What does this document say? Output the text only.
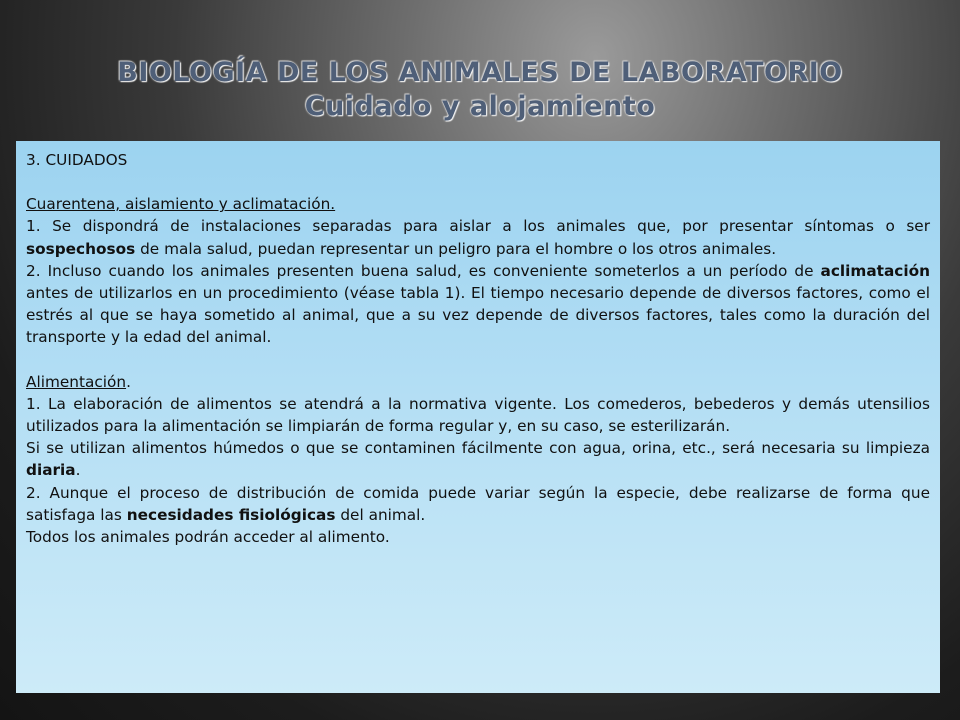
BIOLOGÍA DE LOS ANIMALES DE LABORATORIO
Cuidado y alojamiento

3. CUIDADOS

Cuarentena, aislamiento y aclimatación.

1. Se dispondrá de instalaciones separadas para aislar a los animales que, por presentar síntomas o ser sospechosos de mala salud, puedan representar un peligro para el hombre o los otros animales.

2. Incluso cuando los animales presenten buena salud, es conveniente someterlos a un período de aclimatación antes de utilizarlos en un procedimiento (véase tabla 1). El tiempo necesario depende de diversos factores, como el estrés al que se haya sometido al animal, que a su vez depende de diversos factores, tales como la duración del transporte y la edad del animal.

Alimentación.

1. La elaboración de alimentos se atendrá a la normativa vigente. Los comederos, bebederos y demás utensilios utilizados para la alimentación se limpiarán de forma regular y, en su caso, se esterilizarán.

Si se utilizan alimentos húmedos o que se contaminen fácilmente con agua, orina, etc., será necesaria su limpieza diaria.

2. Aunque el proceso de distribución de comida puede variar según la especie, debe realizarse de forma que satisfaga las necesidades fisiológicas del animal.

Todos los animales podrán acceder al alimento.
